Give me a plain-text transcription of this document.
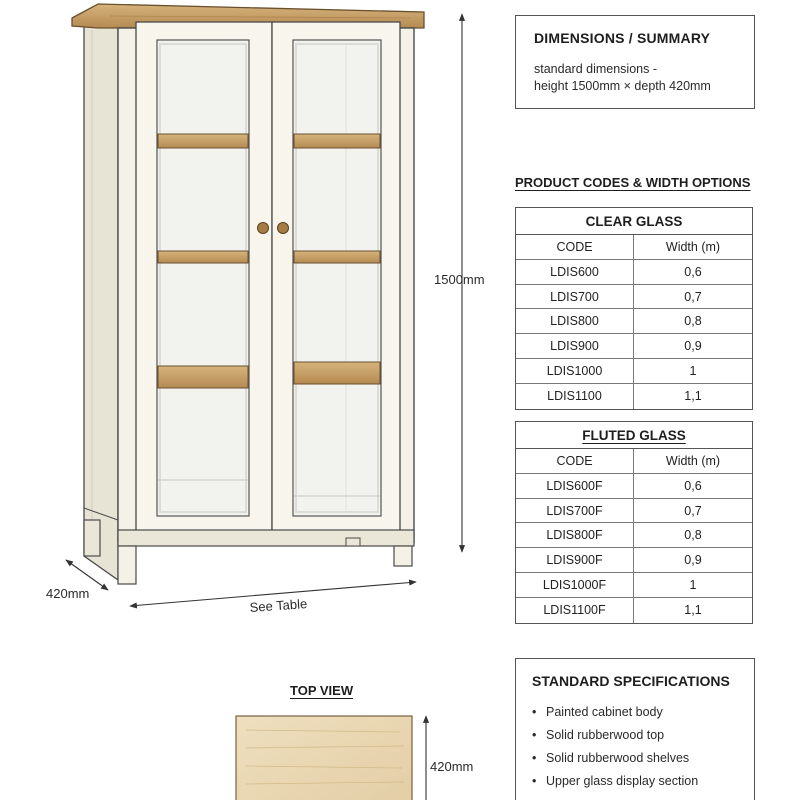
1500mm
420mm
See Table
420mm
TOP VIEW
DIMENSIONS / SUMMARY
standard dimensions -
height 1500mm × depth 420mm
PRODUCT CODES & WIDTH OPTIONS
CLEAR GLASS
CODE	Width (m)
LDIS600	0,6
LDIS700	0,7
LDIS800	0,8
LDIS900	0,9
LDIS1000	1
LDIS1100	1,1
FLUTED GLASS
CODE	Width (m)
LDIS600F	0,6
LDIS700F	0,7
LDIS800F	0,8
LDIS900F	0,9
LDIS1000F	1
LDIS1100F	1,1
STANDARD SPECIFICATIONS
• Painted cabinet body
• Solid rubberwood top
• Solid rubberwood shelves
• Upper glass display section
